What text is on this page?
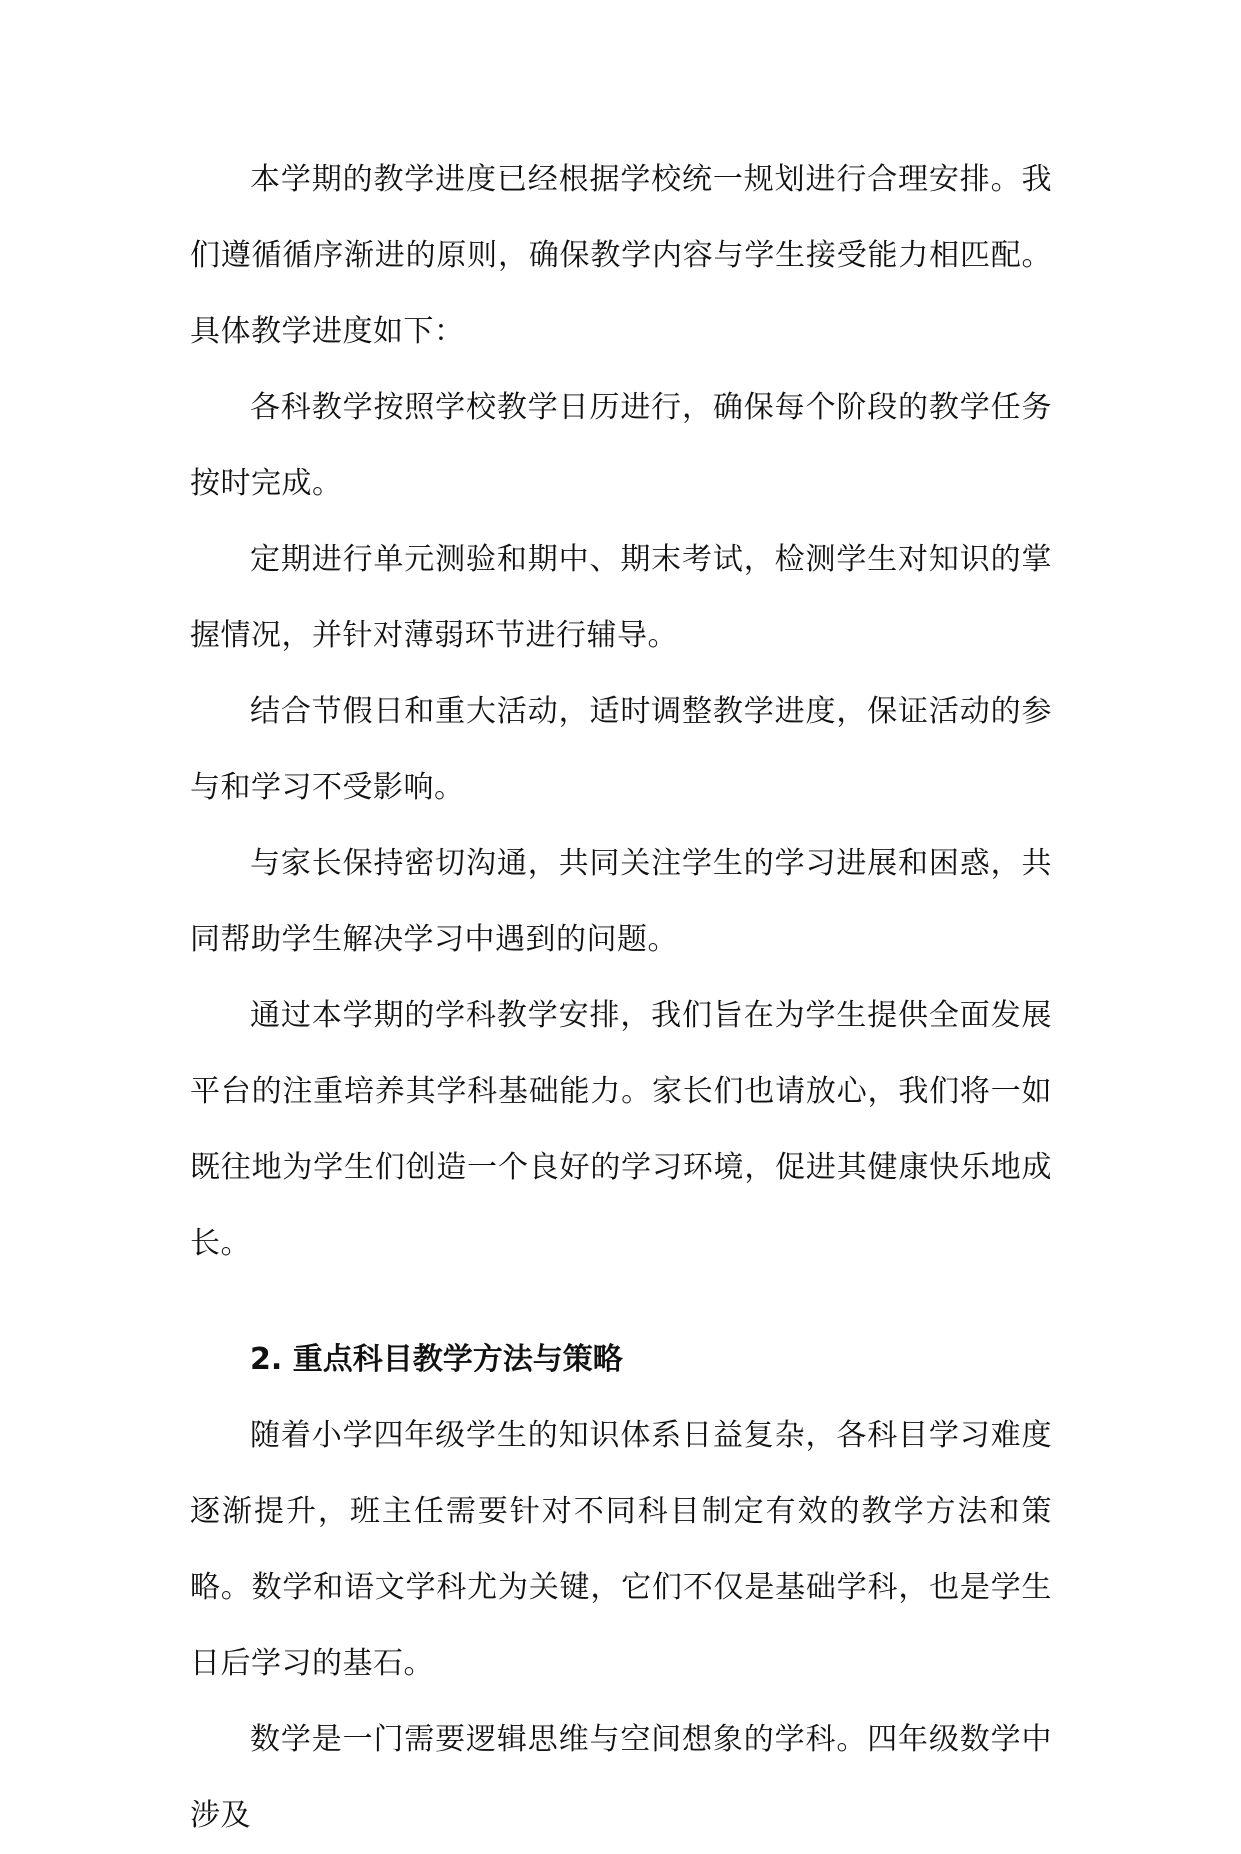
本学期的教学进度已经根据学校统一规划进行合理安排。我们遵循循序渐进的原则，确保教学内容与学生接受能力相匹配。具体教学进度如下：

各科教学按照学校教学日历进行，确保每个阶段的教学任务按时完成。

定期进行单元测验和期中、期末考试，检测学生对知识的掌握情况，并针对薄弱环节进行辅导。

结合节假日和重大活动，适时调整教学进度，保证活动的参与和学习不受影响。

与家长保持密切沟通，共同关注学生的学习进展和困惑，共同帮助学生解决学习中遇到的问题。

通过本学期的学科教学安排，我们旨在为学生提供全面发展平台的注重培养其学科基础能力。家长们也请放心，我们将一如既往地为学生们创造一个良好的学习环境，促进其健康快乐地成长。

2. 重点科目教学方法与策略

随着小学四年级学生的知识体系日益复杂，各科目学习难度逐渐提升，班主任需要针对不同科目制定有效的教学方法和策略。数学和语文学科尤为关键，它们不仅是基础学科，也是学生日后学习的基石。

数学是一门需要逻辑思维与空间想象的学科。四年级数学中涉及
